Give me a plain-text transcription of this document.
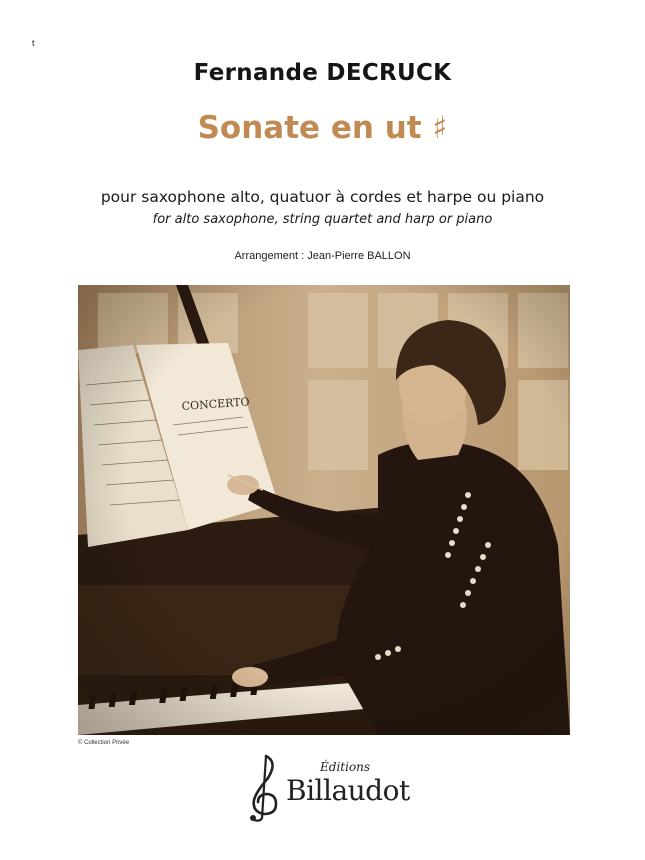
t
Fernande DECRUCK
Sonate en ut ♯
pour saxophone alto, quatuor à cordes et harpe ou piano
for alto saxophone, string quartet and harp or piano
Arrangement : Jean-Pierre BALLON
© Collection Privée
Éditions
Billaudot
